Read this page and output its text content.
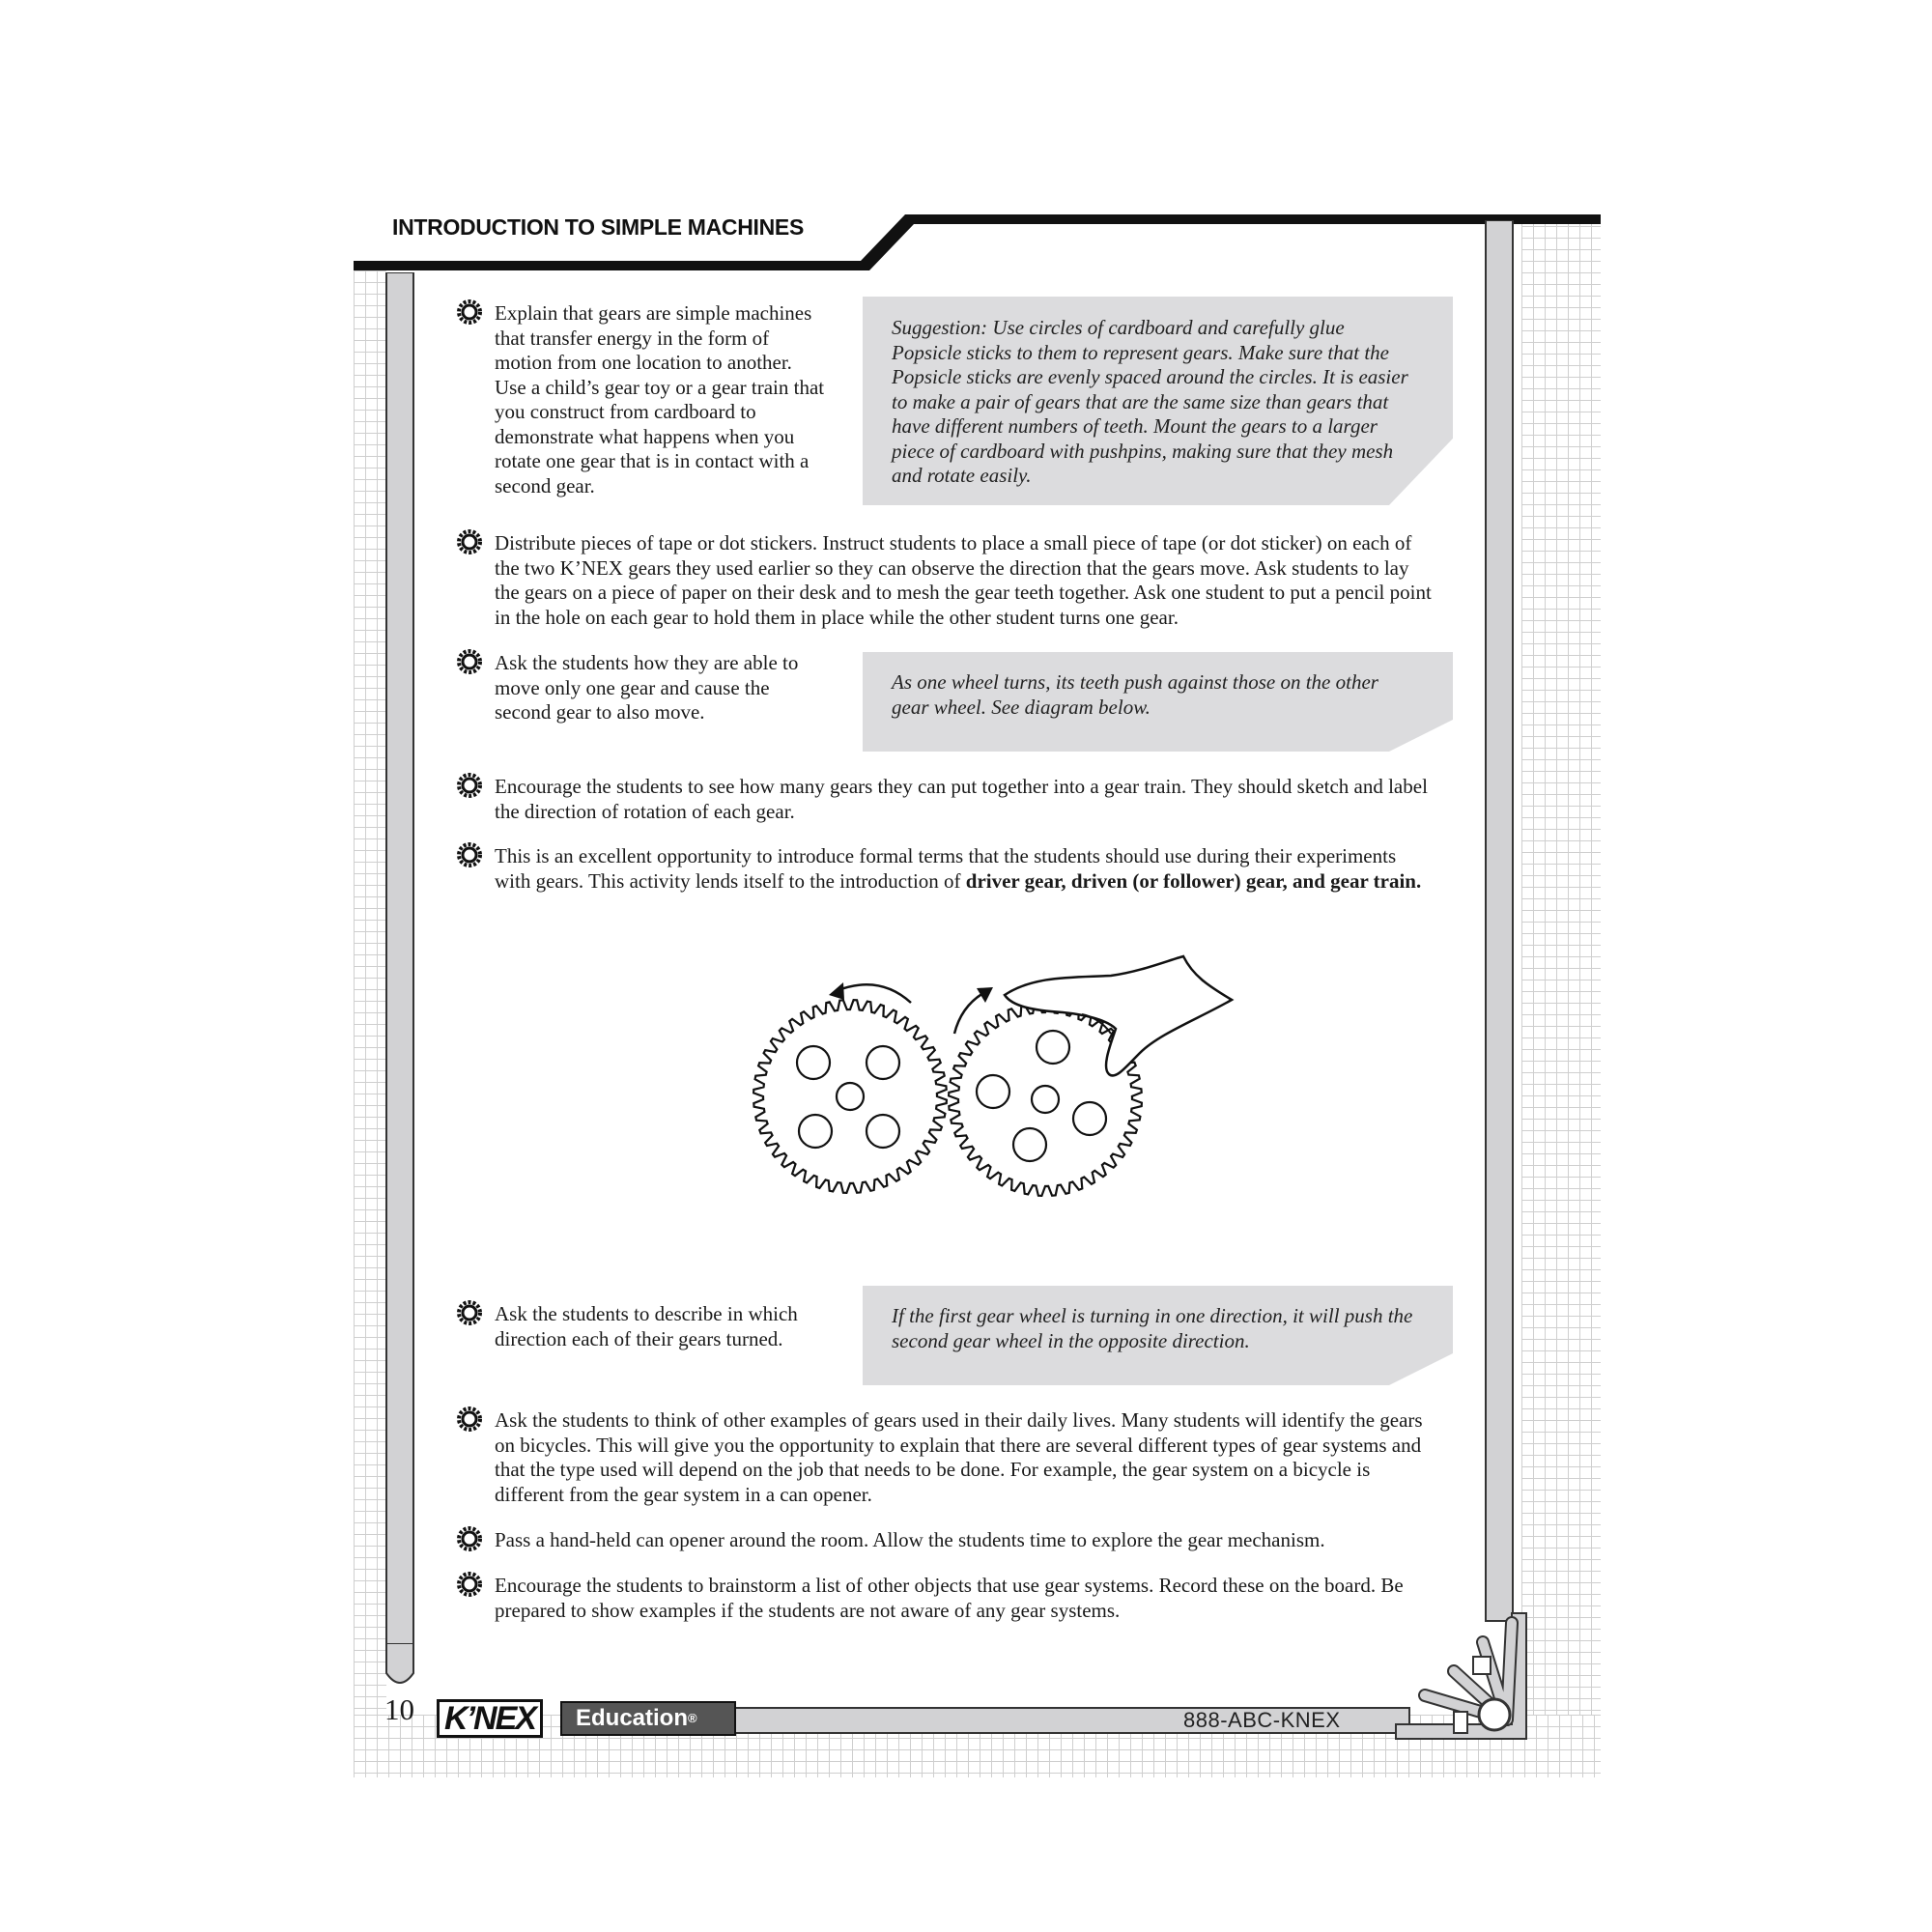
INTRODUCTION TO SIMPLE MACHINES
Explain that gears are simple machines that transfer energy in the form of motion from one location to another. Use a child’s gear toy or a gear train that you construct from cardboard to demonstrate what happens when you rotate one gear that is in contact with a second gear.
Suggestion: Use circles of cardboard and carefully glue Popsicle sticks to them to represent gears. Make sure that the Popsicle sticks are evenly spaced around the circles. It is easier to make a pair of gears that are the same size than gears that have different numbers of teeth. Mount the gears to a larger piece of cardboard with pushpins, making sure that they mesh and rotate easily.
Distribute pieces of tape or dot stickers. Instruct students to place a small piece of tape (or dot sticker) on each of the two K’NEX gears they used earlier so they can observe the direction that the gears move. Ask students to lay the gears on a piece of paper on their desk and to mesh the gear teeth together. Ask one student to put a pencil point in the hole on each gear to hold them in place while the other student turns one gear.
Ask the students how they are able to move only one gear and cause the second gear to also move.
As one wheel turns, its teeth push against those on the other gear wheel. See diagram below.
Encourage the students to see how many gears they can put together into a gear train. They should sketch and label the direction of rotation of each gear.
This is an excellent opportunity to introduce formal terms that the students should use during their experiments with gears. This activity lends itself to the introduction of driver gear, driven (or follower) gear, and gear train.
Ask the students to describe in which direction each of their gears turned.
If the first gear wheel is turning in one direction, it will push the second gear wheel in the opposite direction.
Ask the students to think of other examples of gears used in their daily lives. Many students will identify the gears on bicycles. This will give you the opportunity to explain that there are several different types of gear systems and that the type used will depend on the job that needs to be done. For example, the gear system on a bicycle is different from the gear system in a can opener.
Pass a hand-held can opener around the room. Allow the students time to explore the gear mechanism.
Encourage the students to brainstorm a list of other objects that use gear systems. Record these on the board. Be prepared to show examples if the students are not aware of any gear systems.
10 K’NEX	Education®	888-ABC-KNEX
